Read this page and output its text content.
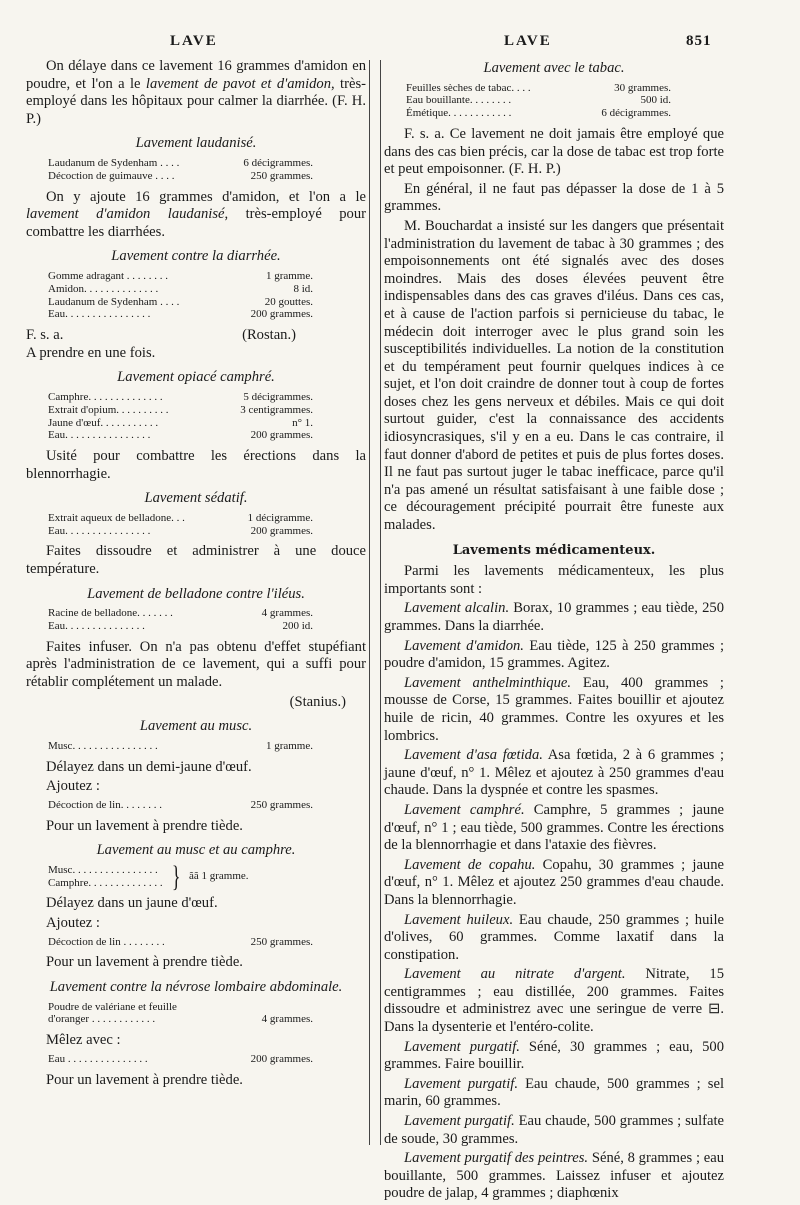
LAVE	LAVE	851

On délaye dans ce lavement 16 grammes d'amidon en poudre, et l'on a le lavement de pavot et d'amidon, très-employé dans les hôpitaux pour calmer la diarrhée. (F. H. P.)

Lavement laudanisé.
Laudanum de Sydenham . . . .	6 décigrammes.
Décoction de guimauve . . . .	250 grammes.

On y ajoute 16 grammes d'amidon, et l'on a le lavement d'amidon laudanisé, très-employé pour combattre les diarrhées.

Lavement contre la diarrhée.
Gomme adragant . . . . . . . .	1 gramme.
Amidon. . . . . . . . . . . . . .	8 id.
Laudanum de Sydenham . . . .	20 gouttes.
Eau. . . . . . . . . . . . . . . .	200 grammes.
F. s. a.	(Rostan.)

A prendre en une fois.

Lavement opiacé camphré.
Camphre. . . . . . . . . . . . . .	5 décigrammes.
Extrait d'opium. . . . . . . . . .	3 centigrammes.
Jaune d'œuf. . . . . . . . . . .	n° 1.
Eau. . . . . . . . . . . . . . . .	200 grammes.

Usité pour combattre les érections dans la blennorrhagie.

Lavement sédatif.
Extrait aqueux de belladone. . .	1 décigramme.
Eau. . . . . . . . . . . . . . . .	200 grammes.

Faites dissoudre et administrer à une douce température.

Lavement de belladone contre l'iléus.
Racine de belladone. . . . . . .	4 grammes.
Eau. . . . . . . . . . . . . . .	200 id.

Faites infuser. On n'a pas obtenu d'effet stupéfiant après l'administration de ce lavement, qui a suffi pour rétablir complétement un malade.

(Stanius.)

Lavement au musc.
Musc. . . . . . . . . . . . . . . .	1 gramme.

Délayez dans un demi-jaune d'œuf.

Ajoutez :

Décoction de lin. . . . . . . .	250 grammes.

Pour un lavement à prendre tiède.

Lavement au musc et au camphre.
Musc. . . . . . . . . . . . . . . .
Camphre. . . . . . . . . . . . . . } ãã 1 gramme.

Délayez dans un jaune d'œuf.

Ajoutez :

Décoction de lin . . . . . . . .	250 grammes.

Pour un lavement à prendre tiède.

Lavement contre la névrose lombaire abdominale.
Poudre de valériane et feuille
d'oranger . . . . . . . . . . . .	4 grammes.

Mêlez avec :

Eau . . . . . . . . . . . . . . .	200 grammes.

Pour un lavement à prendre tiède.

Lavement avec le tabac.
Feuilles sèches de tabac. . . .	30 grammes.
Eau bouillante. . . . . . . .	500 id.
Émétique. . . . . . . . . . . .	6 décigrammes.

F. s. a. Ce lavement ne doit jamais être employé que dans des cas bien précis, car la dose de tabac est trop forte et peut empoisonner. (F. H. P.)

En général, il ne faut pas dépasser la dose de 1 à 5 grammes.

M. Bouchardat a insisté sur les dangers que présentait l'administration du lavement de tabac à 30 grammes ; des empoisonnements ont été signalés avec des doses moindres. Mais des doses élevées peuvent être indispensables dans des cas graves d'iléus. Dans ces cas, et à cause de l'action parfois si pernicieuse du tabac, le médecin doit interroger avec le plus grand soin les susceptibilités individuelles. La notion de la constitution et du tempérament peut fournir quelques indices à ce sujet, et l'on doit craindre de donner tout à coup de fortes doses chez les gens nerveux et débiles. Mais ce qui doit surtout guider, c'est la connaissance des accidents idiosyncrasiques, s'il y en a eu. Dans le cas contraire, il faut donner d'abord de petites et puis de plus fortes doses. Il ne faut pas surtout juger le tabac inefficace, parce qu'il n'a pas amené un résultat satisfaisant à une faible dose ; ce découragement précipité pourrait être funeste aux malades.

Lavements médicamenteux.

Parmi les lavements médicamenteux, les plus importants sont :

Lavement alcalin. Borax, 10 grammes ; eau tiède, 250 grammes. Dans la diarrhée.

Lavement d'amidon. Eau tiède, 125 à 250 grammes ; poudre d'amidon, 15 grammes. Agitez.

Lavement anthelminthique. Eau, 400 grammes ; mousse de Corse, 15 grammes. Faites bouillir et ajoutez huile de ricin, 40 grammes. Contre les oxyures et les lombrics.

Lavement d'asa fœtida. Asa fœtida, 2 à 6 grammes ; jaune d'œuf, n° 1. Mêlez et ajoutez à 250 grammes d'eau chaude. Dans la dyspnée et contre les spasmes.

Lavement camphré. Camphre, 5 grammes ; jaune d'œuf, n° 1 ; eau tiède, 500 grammes. Contre les érections de la blennorrhagie et dans l'ataxie des fièvres.

Lavement de copahu. Copahu, 30 grammes ; jaune d'œuf, n° 1. Mêlez et ajoutez 250 grammes d'eau chaude. Dans la blennorrhagie.

Lavement huileux. Eau chaude, 250 grammes ; huile d'olives, 60 grammes. Comme laxatif dans la constipation.

Lavement au nitrate d'argent. Nitrate, 15 centigrammes ; eau distillée, 200 grammes. Faites dissoudre et administrez avec une seringue de verre ⊟. Dans la dysenterie et l'entéro-colite.

Lavement purgatif. Séné, 30 grammes ; eau, 500 grammes. Faire bouillir.

Lavement purgatif. Eau chaude, 500 grammes ; sel marin, 60 grammes.

Lavement purgatif. Eau chaude, 500 grammes ; sulfate de soude, 30 grammes.

Lavement purgatif des peintres. Séné, 8 grammes ; eau bouillante, 500 grammes. Laissez infuser et ajoutez poudre de jalap, 4 grammes ; diaphœnix
